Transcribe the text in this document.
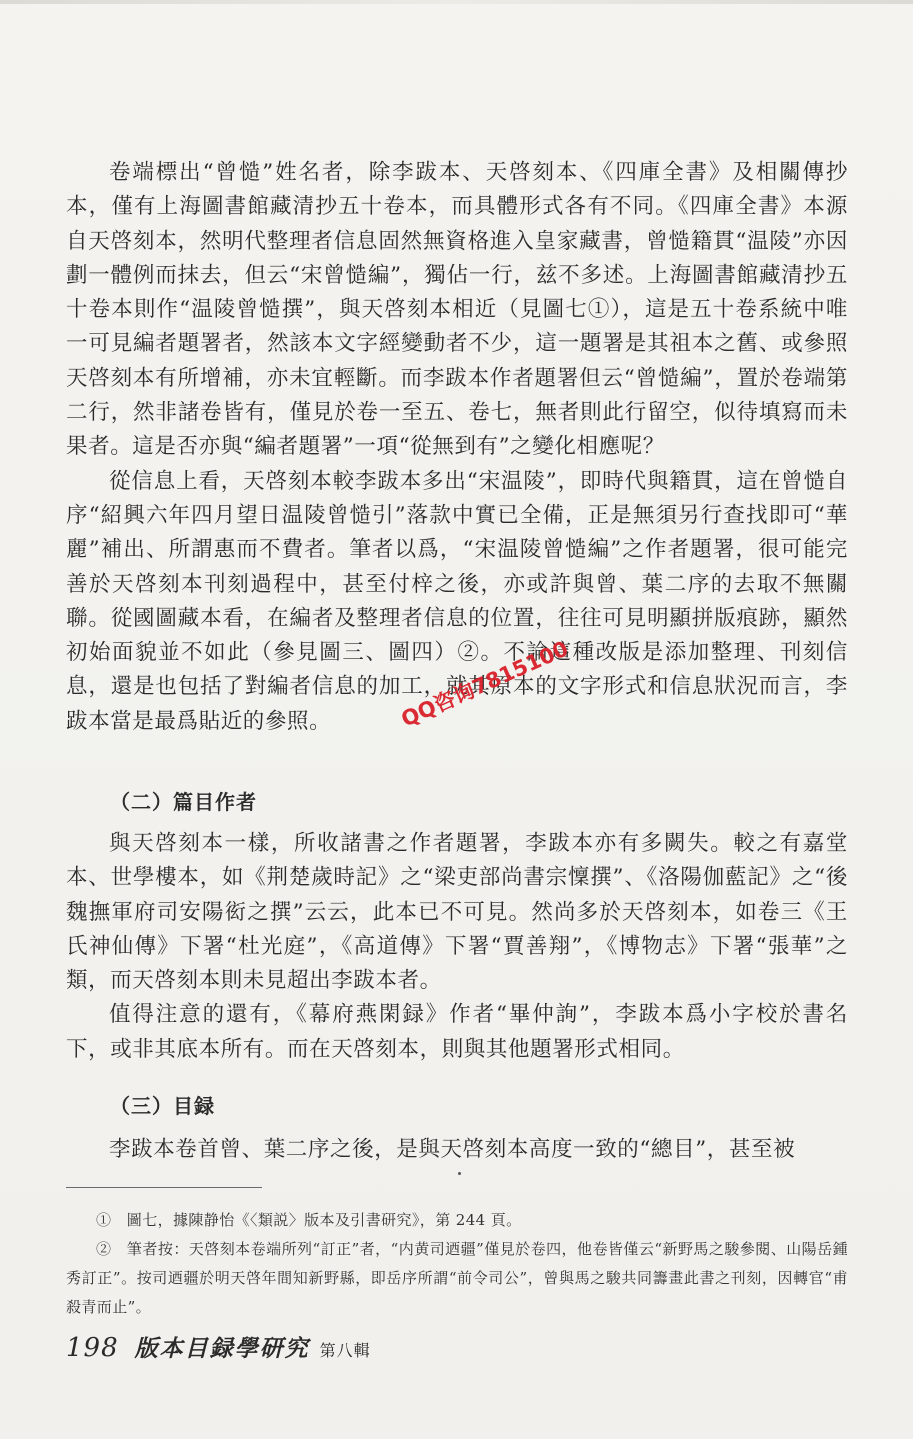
卷端標出“曾慥”姓名者，除李跋本、天啓刻本、《四庫全書》及相關傳抄本，僅有上海圖書館藏清抄五十卷本，而具體形式各有不同。《四庫全書》本源自天啓刻本，然明代整理者信息固然無資格進入皇家藏書，曾慥籍貫“温陵”亦因劃一體例而抹去，但云“宋曾慥編”，獨佔一行，兹不多述。上海圖書館藏清抄五十卷本則作“温陵曾慥撰”，與天啓刻本相近（見圖七①），這是五十卷系統中唯一可見編者題署者，然該本文字經變動者不少，這一題署是其祖本之舊、或參照天啓刻本有所增補，亦未宜輕斷。而李跋本作者題署但云“曾慥編”，置於卷端第二行，然非諸卷皆有，僅見於卷一至五、卷七，無者則此行留空，似待填寫而未果者。這是否亦與“編者題署”一項“從無到有”之變化相應呢？

從信息上看，天啓刻本較李跋本多出“宋温陵”，即時代與籍貫，這在曾慥自序“紹興六年四月望日温陵曾慥引”落款中實已全備，正是無須另行查找即可“華麗”補出、所謂惠而不費者。筆者以爲，“宋温陵曾慥編”之作者題署，很可能完善於天啓刻本刊刻過程中，甚至付梓之後，亦或許與曾、葉二序的去取不無關聯。從國圖藏本看，在編者及整理者信息的位置，往往可見明顯拼版痕跡，顯然初始面貌並不如此（參見圖三、圖四）②。不論這種改版是添加整理、刊刻信息，還是也包括了對編者信息的加工，就其原本的文字形式和信息狀況而言，李跋本當是最爲貼近的參照。

（二）篇目作者

與天啓刻本一樣，所收諸書之作者題署，李跋本亦有多闕失。較之有嘉堂本、世學樓本，如《荆楚歲時記》之“梁吏部尚書宗懍撰”、《洛陽伽藍記》之“後魏撫軍府司安陽衒之撰”云云，此本已不可見。然尚多於天啓刻本，如卷三《王氏神仙傳》下署“杜光庭”，《高道傳》下署“賈善翔”，《博物志》下署“張華”之類，而天啓刻本則未見超出李跋本者。

值得注意的還有，《幕府燕閑録》作者“畢仲詢”，李跋本爲小字校於書名下，或非其底本所有。而在天啓刻本，則與其他題署形式相同。

（三）目録

李跋本卷首曾、葉二序之後，是與天啓刻本高度一致的“總目”，甚至被

①　圖七，據陳静怡《〈類説〉版本及引書研究》，第 244 頁。

②　筆者按：天啓刻本卷端所列“訂正”者，“内黄司迺疆”僅見於卷四，他卷皆僅云“新野馬之駿參閱、山陽岳鍾秀訂正”。按司迺疆於明天啓年間知新野縣，即岳序所謂“前令司公”，曾與馬之駿共同籌畫此書之刊刻，因轉官“甫殺青而止”。

198 版本目録學研究 第八輯
QQ咨询7815100
